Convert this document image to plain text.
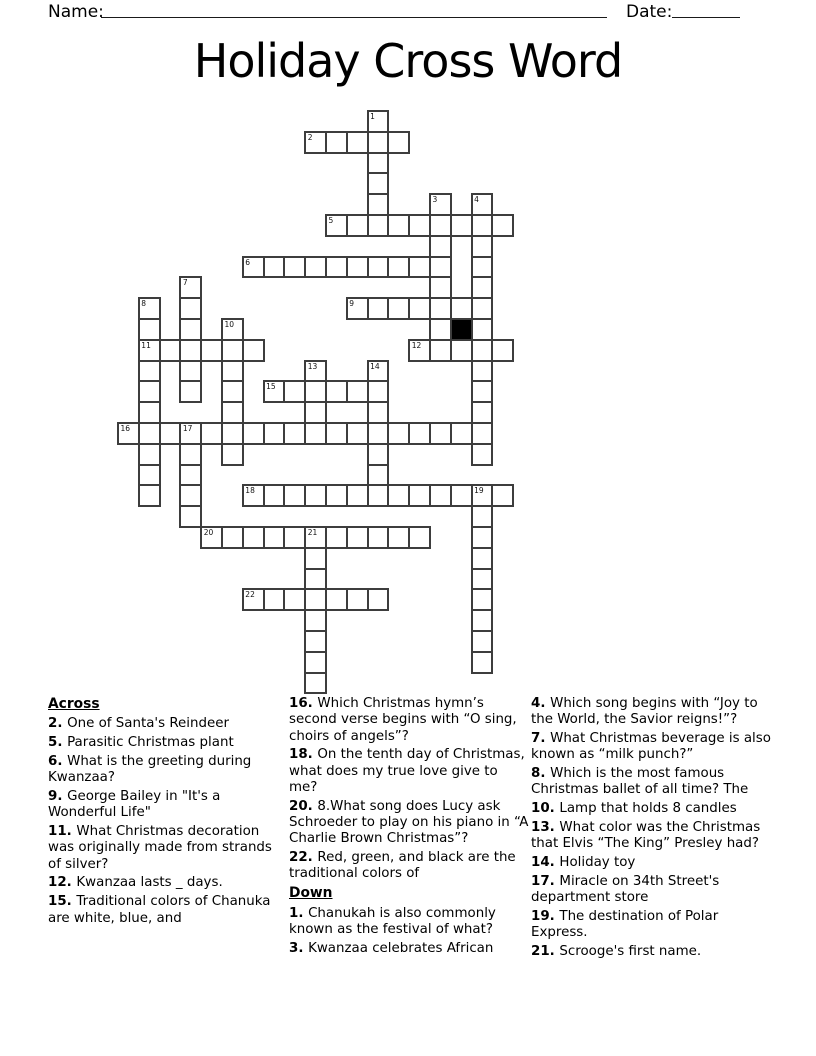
Name:	Date:
Holiday Cross Word
1
2
3	4
5
6
7
8
11
9
10
12
13	14
15
16	17
18	19
20	21
22
Across

2. One of Santa's Reindeer

5. Parasitic Christmas plant

6. What is the greeting during Kwanzaa?

9. George Bailey in "It's a Wonderful Life"

11. What Christmas decoration was originally made from strands of silver?

12. Kwanzaa lasts _ days.

15. Traditional colors of Chanuka are white, blue, and

16. Which Christmas hymn’s second verse begins with “O sing, choirs of angels”?

18. On the tenth day of Christmas, what does my true love give to me?

20. 8.What song does Lucy ask Schroeder to play on his piano in “A Charlie Brown Christmas”?

22. Red, green, and black are the traditional colors of

Down

1. Chanukah is also commonly known as the festival of what?

3. Kwanzaa celebrates African

4. Which song begins with “Joy to the World, the Savior reigns!”?

7. What Christmas beverage is also known as “milk punch?”

8. Which is the most famous Christmas ballet of all time? The

10. Lamp that holds 8 candles

13. What color was the Christmas that Elvis “The King” Presley had?

14. Holiday toy

17. Miracle on 34th Street's department store

19. The destination of Polar Express.

21. Scrooge's first name.
